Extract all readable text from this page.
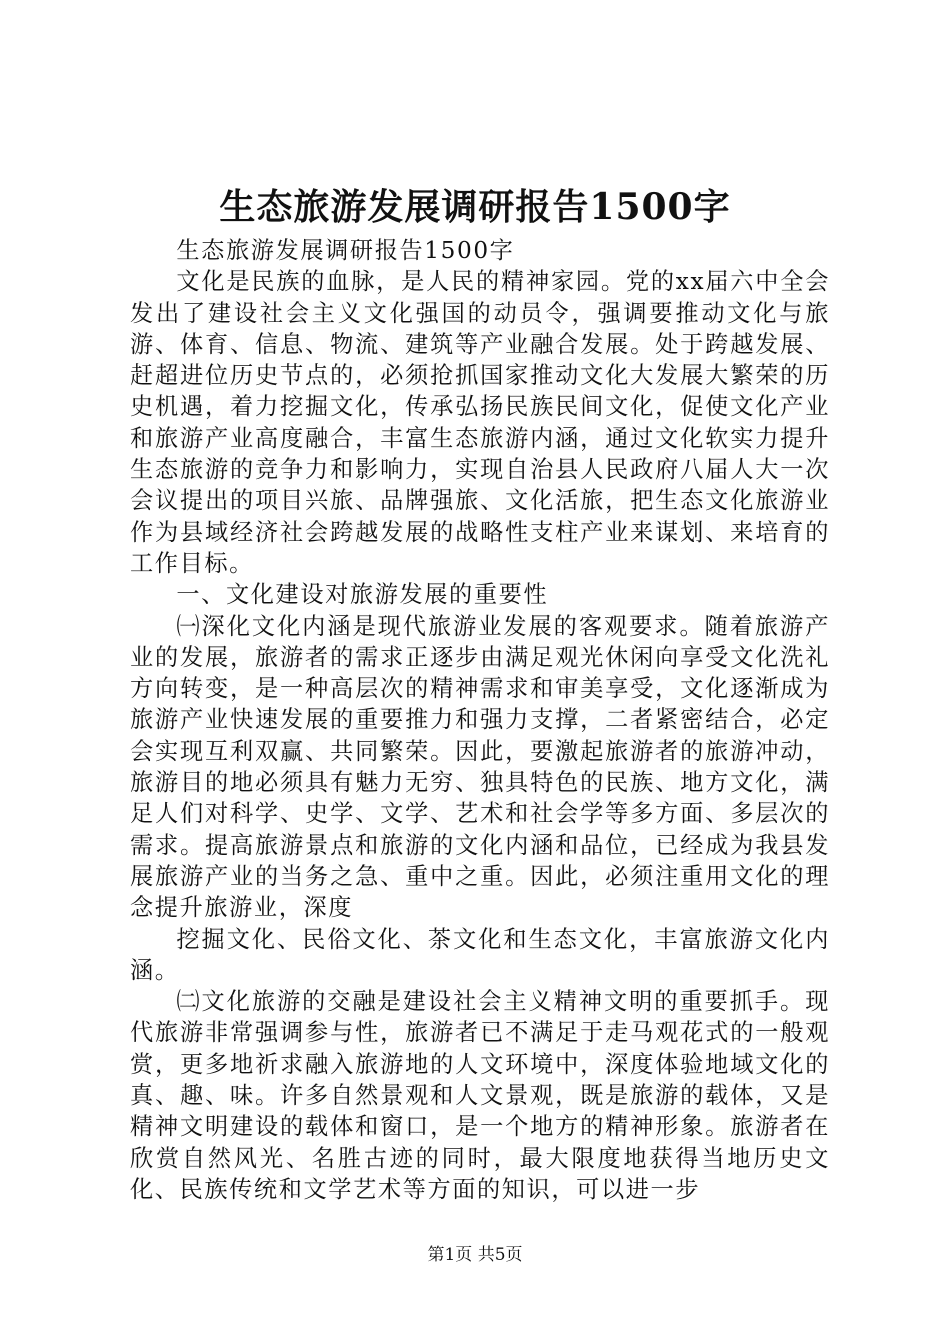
生态旅游发展调研报告1500字

生态旅游发展调研报告1500字

文化是民族的血脉，是人民的精神家园。党的xx届六中全会发出了建设社会主义文化强国的动员令，强调要推动文化与旅游、体育、信息、物流、建筑等产业融合发展。处于跨越发展、赶超进位历史节点的，必须抢抓国家推动文化大发展大繁荣的历史机遇，着力挖掘文化，传承弘扬民族民间文化，促使文化产业和旅游产业高度融合，丰富生态旅游内涵，通过文化软实力提升生态旅游的竞争力和影响力，实现自治县人民政府八届人大一次会议提出的项目兴旅、品牌强旅、文化活旅，把生态文化旅游业作为县域经济社会跨越发展的战略性支柱产业来谋划、来培育的工作目标。

一、文化建设对旅游发展的重要性

㈠深化文化内涵是现代旅游业发展的客观要求。随着旅游产业的发展，旅游者的需求正逐步由满足观光休闲向享受文化洗礼方向转变，是一种高层次的精神需求和审美享受，文化逐渐成为旅游产业快速发展的重要推力和强力支撑，二者紧密结合，必定会实现互利双赢、共同繁荣。因此，要激起旅游者的旅游冲动，旅游目的地必须具有魅力无穷、独具特色的民族、地方文化，满足人们对科学、史学、文学、艺术和社会学等多方面、多层次的需求。提高旅游景点和旅游的文化内涵和品位，已经成为我县发展旅游产业的当务之急、重中之重。因此，必须注重用文化的理念提升旅游业，深度

挖掘文化、民俗文化、茶文化和生态文化，丰富旅游文化内涵。

㈡文化旅游的交融是建设社会主义精神文明的重要抓手。现代旅游非常强调参与性，旅游者已不满足于走马观花式的一般观赏，更多地祈求融入旅游地的人文环境中，深度体验地域文化的真、趣、味。许多自然景观和人文景观，既是旅游的载体，又是精神文明建设的载体和窗口，是一个地方的精神形象。旅游者在欣赏自然风光、名胜古迹的同时，最大限度地获得当地历史文化、民族传统和文学艺术等方面的知识，可以进一步

第1页 共5页
